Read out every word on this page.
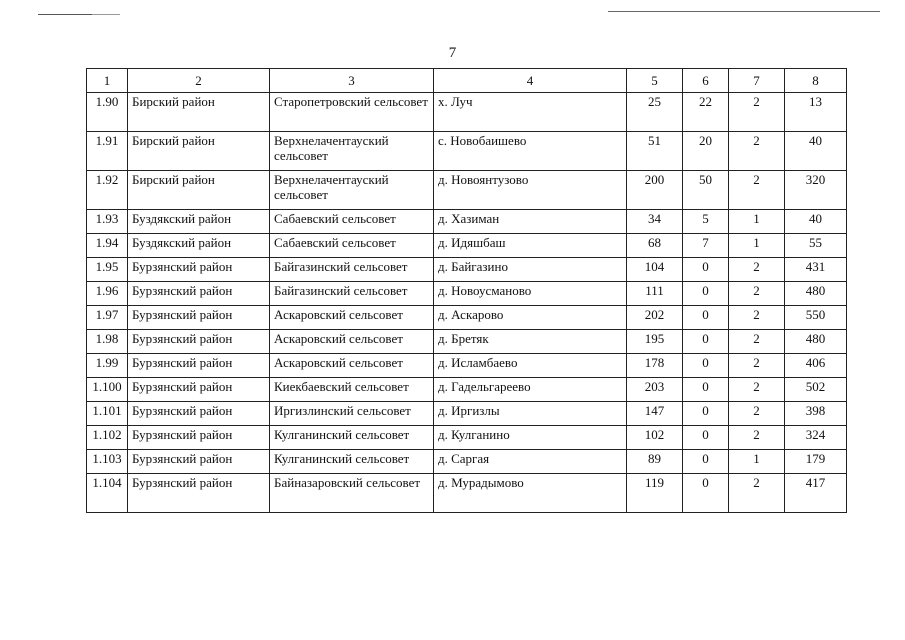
7
1	2	3	4	5	6	7	8
1.90	Бирский район	Старопетровский сельсовет	х. Луч	25	22	2	13
1.91	Бирский район	Верхнелачентауский сельсовет	с. Новобаишево	51	20	2	40
1.92	Бирский район	Верхнелачентауский сельсовет	д. Новоянтузово	200	50	2	320
1.93	Буздякский район	Сабаевский сельсовет	д. Хазиман	34	5	1	40
1.94	Буздякский район	Сабаевский сельсовет	д. Идяшбаш	68	7	1	55
1.95	Бурзянский район	Байгазинский сельсовет	д. Байгазино	104	0	2	431
1.96	Бурзянский район	Байгазинский сельсовет	д. Новоусманово	111	0	2	480
1.97	Бурзянский район	Аскаровский сельсовет	д. Аскарово	202	0	2	550
1.98	Бурзянский район	Аскаровский сельсовет	д. Бретяк	195	0	2	480
1.99	Бурзянский район	Аскаровский сельсовет	д. Исламбаево	178	0	2	406
1.100	Бурзянский район	Киекбаевский сельсовет	д. Гадельгареево	203	0	2	502
1.101	Бурзянский район	Иргизлинский сельсовет	д. Иргизлы	147	0	2	398
1.102	Бурзянский район	Кулганинский сельсовет	д. Кулганино	102	0	2	324
1.103	Бурзянский район	Кулганинский сельсовет	д. Саргая	89	0	1	179
1.104	Бурзянский район	Байназаровский сельсовет	д. Мурадымово	119	0	2	417
